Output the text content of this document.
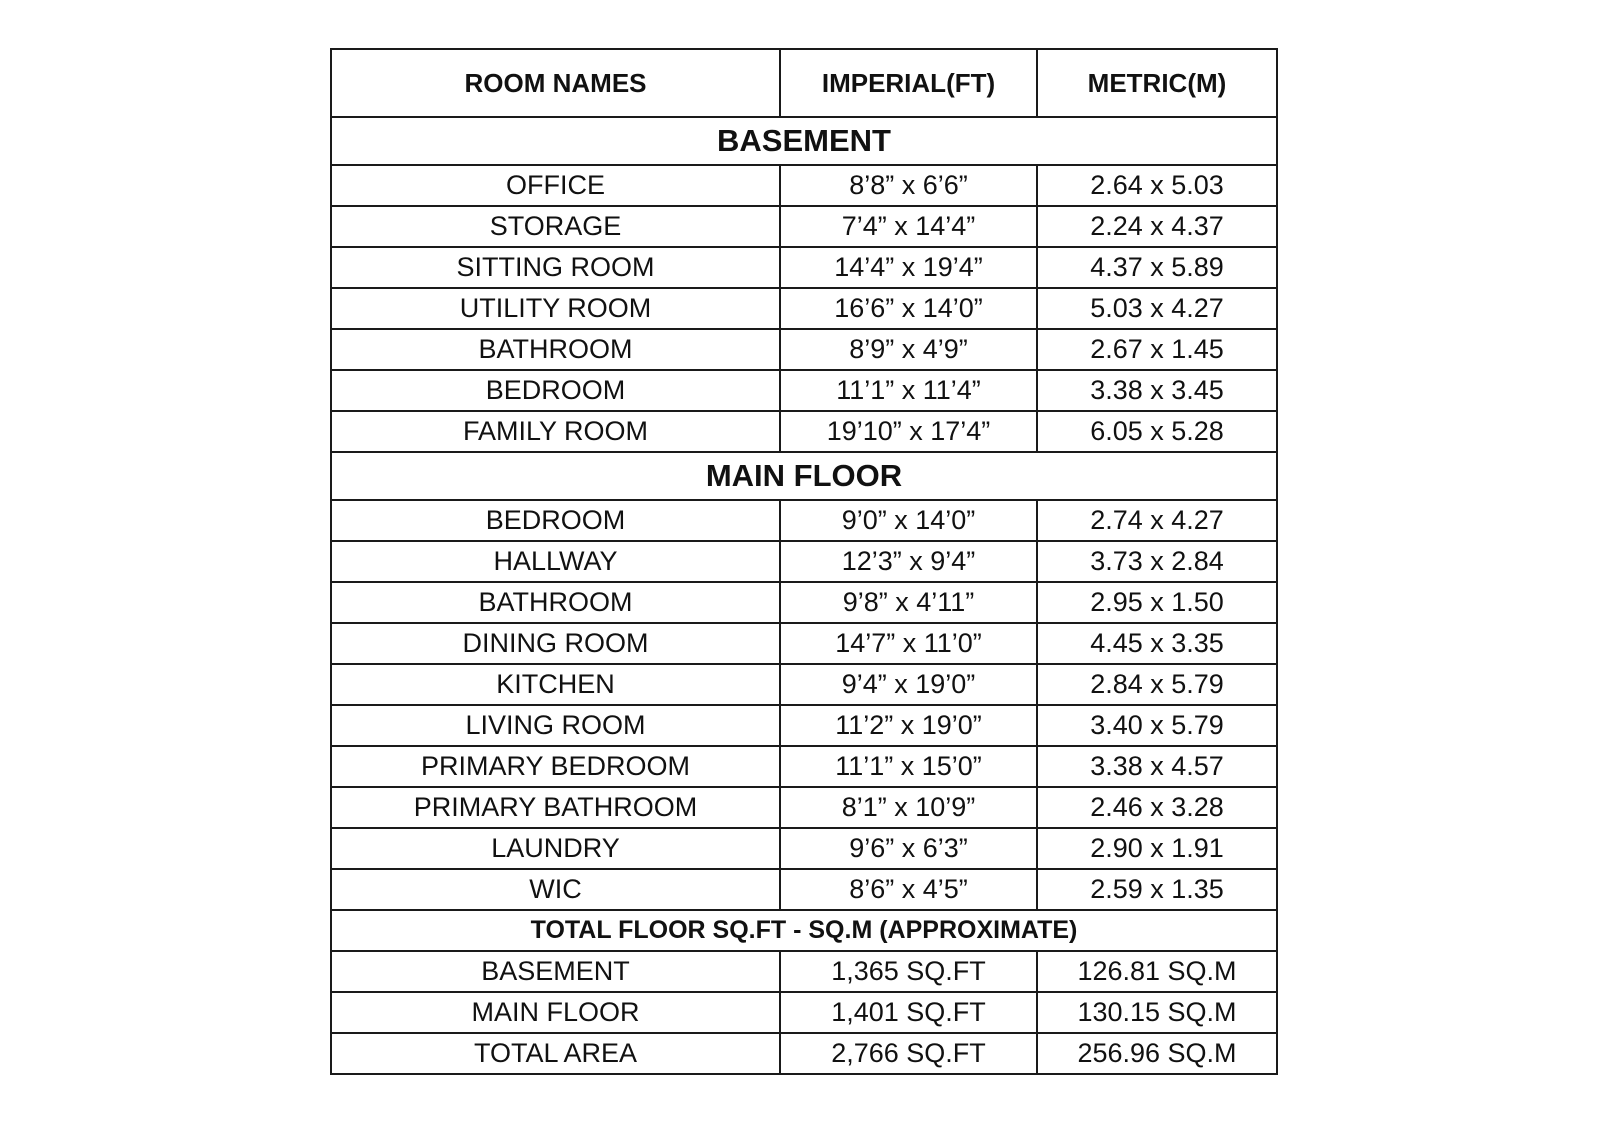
ROOM NAMES	IMPERIAL(FT)	METRIC(M)
BASEMENT		
OFFICE	8’8” x 6’6”	2.64 x 5.03
STORAGE	7’4” x 14’4”	2.24 x 4.37
SITTING ROOM	14’4” x 19’4”	4.37 x 5.89
UTILITY ROOM	16’6” x 14’0”	5.03 x 4.27
BATHROOM	8’9” x 4’9”	2.67 x 1.45
BEDROOM	11’1” x 11’4”	3.38 x 3.45
FAMILY ROOM	19’10” x 17’4”	6.05 x 5.28
MAIN FLOOR		
BEDROOM	9’0” x 14’0”	2.74 x 4.27
HALLWAY	12’3” x 9’4”	3.73 x 2.84
BATHROOM	9’8” x 4’11”	2.95 x 1.50
DINING ROOM	14’7” x 11’0”	4.45 x 3.35
KITCHEN	9’4” x 19’0”	2.84 x 5.79
LIVING ROOM	11’2” x 19’0”	3.40 x 5.79
PRIMARY BEDROOM	11’1” x 15’0”	3.38 x 4.57
PRIMARY BATHROOM	8’1” x 10’9”	2.46 x 3.28
LAUNDRY	9’6” x 6’3”	2.90 x 1.91
WIC	8’6” x 4’5”	2.59 x 1.35
TOTAL FLOOR SQ.FT - SQ.M (APPROXIMATE)		
BASEMENT	1,365 SQ.FT	126.81 SQ.M
MAIN FLOOR	1,401 SQ.FT	130.15 SQ.M
TOTAL AREA	2,766 SQ.FT	256.96 SQ.M
